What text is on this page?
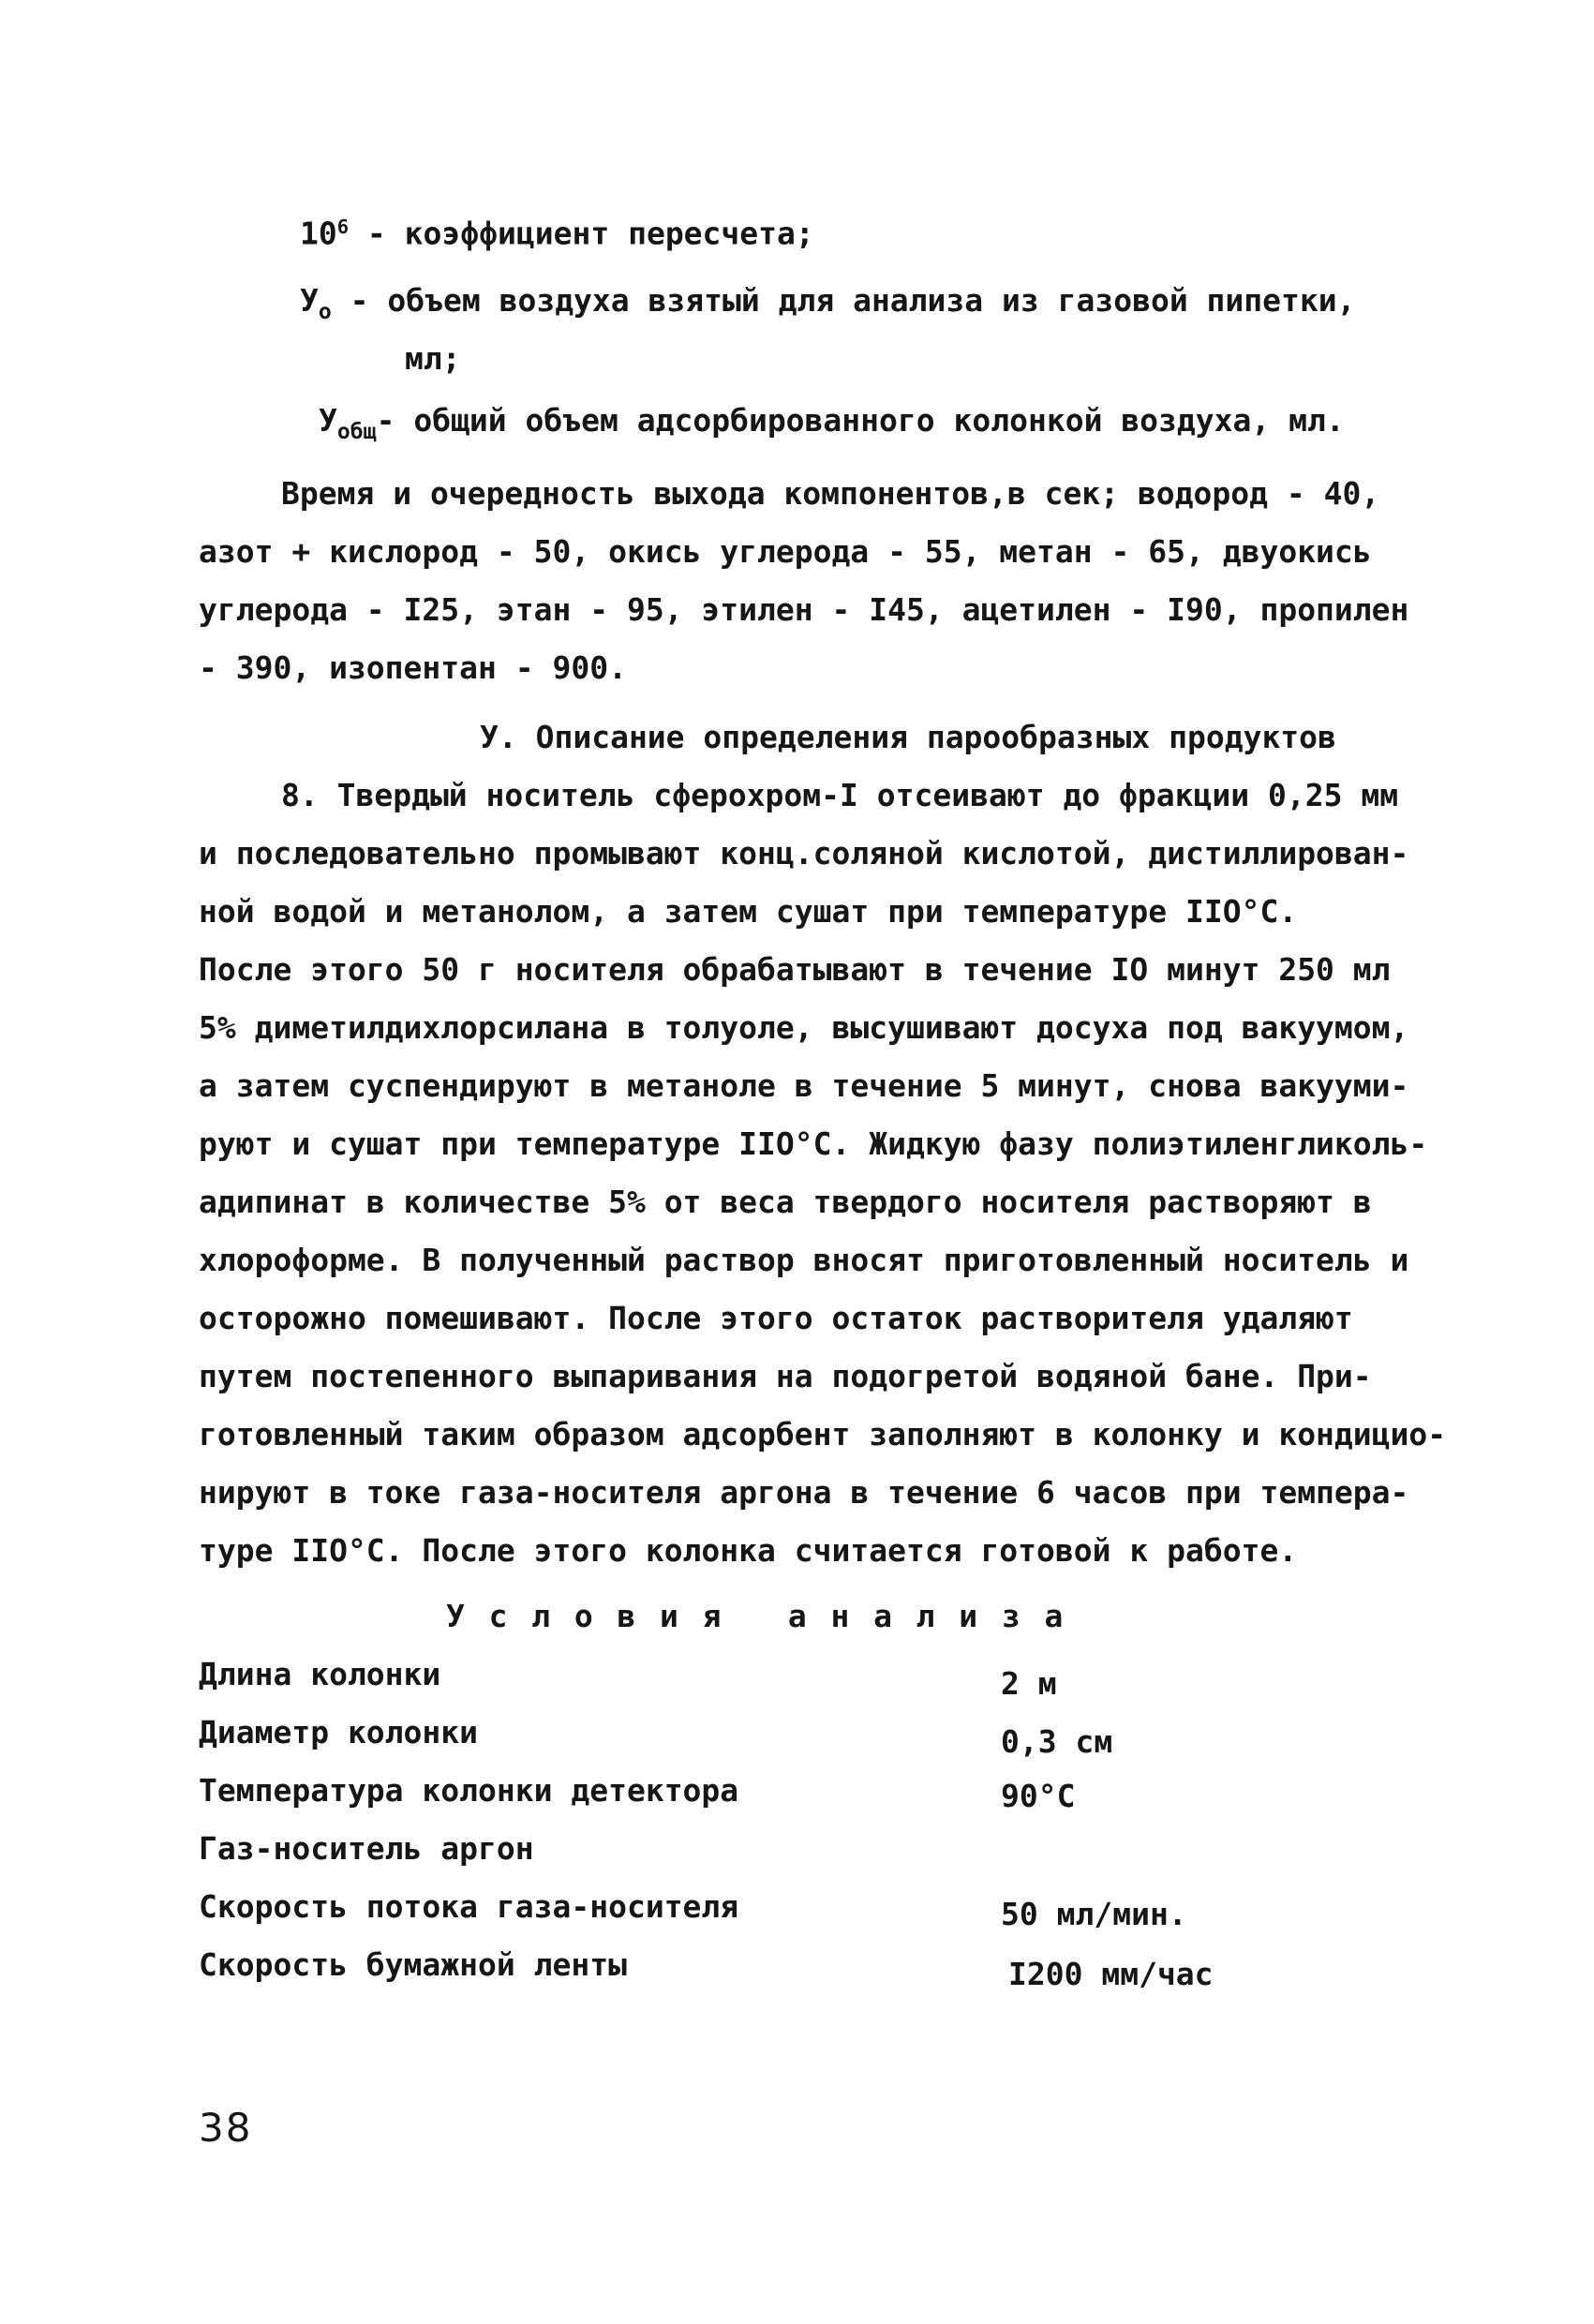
$10^6$ - коэффициент пересчета;
$У_о$ - объем воздуха взятый для анализа из газовой пипетки,
мл;
$У_{общ}-$ общий объем адсорбированного колонкой воздуха, мл.
Время и очередность выхода компонентов,в сек; водород - 40,
азот + кислород - 50, окись углерода - 55, метан - 65, двуокись
углерода - I25, этан - 95, этилен - I45, ацетилен - I90, пропилен
- 390, изопентан - 900.
У. Описание определения парообразных продуктов
8. Твердый носитель сферохром-I отсеивают до фракции 0,25 мм
и последовательно промывают конц.соляной кислотой, дистиллирован-
ной водой и метанолом, а затем сушат при температуре IIO°C.
После этого 50 г носителя обрабатывают в течение IO минут 250 мл
5% диметилдихлорсилана в толуоле, высушивают досуха под вакуумом,
а затем суспендируют в метаноле в течение 5 минут, снова вакууми-
руют и сушат при температуре IIO°C. Жидкую фазу полиэтиленгликоль-
адипинат в количестве 5% от веса твердого носителя растворяют в
хлороформе. В полученный раствор вносят приготовленный носитель и
осторожно помешивают. После этого остаток растворителя удаляют
путем постепенного выпаривания на подогретой водяной бане. При-
готовленный таким образом адсорбент заполняют в колонку и кондицио-
нируют в токе газа-носителя аргона в течение 6 часов при темпера-
туре IIO°C. После этого колонка считается готовой к работе.
Условия анализа
Длина колонки	2 м
Диаметр колонки	0,3 см
Температура колонки детектора	90°C
Газ-носитель аргон
Скорость потока газа-носителя	50 мл/мин.
Скорость бумажной ленты	I200 мм/час
38
